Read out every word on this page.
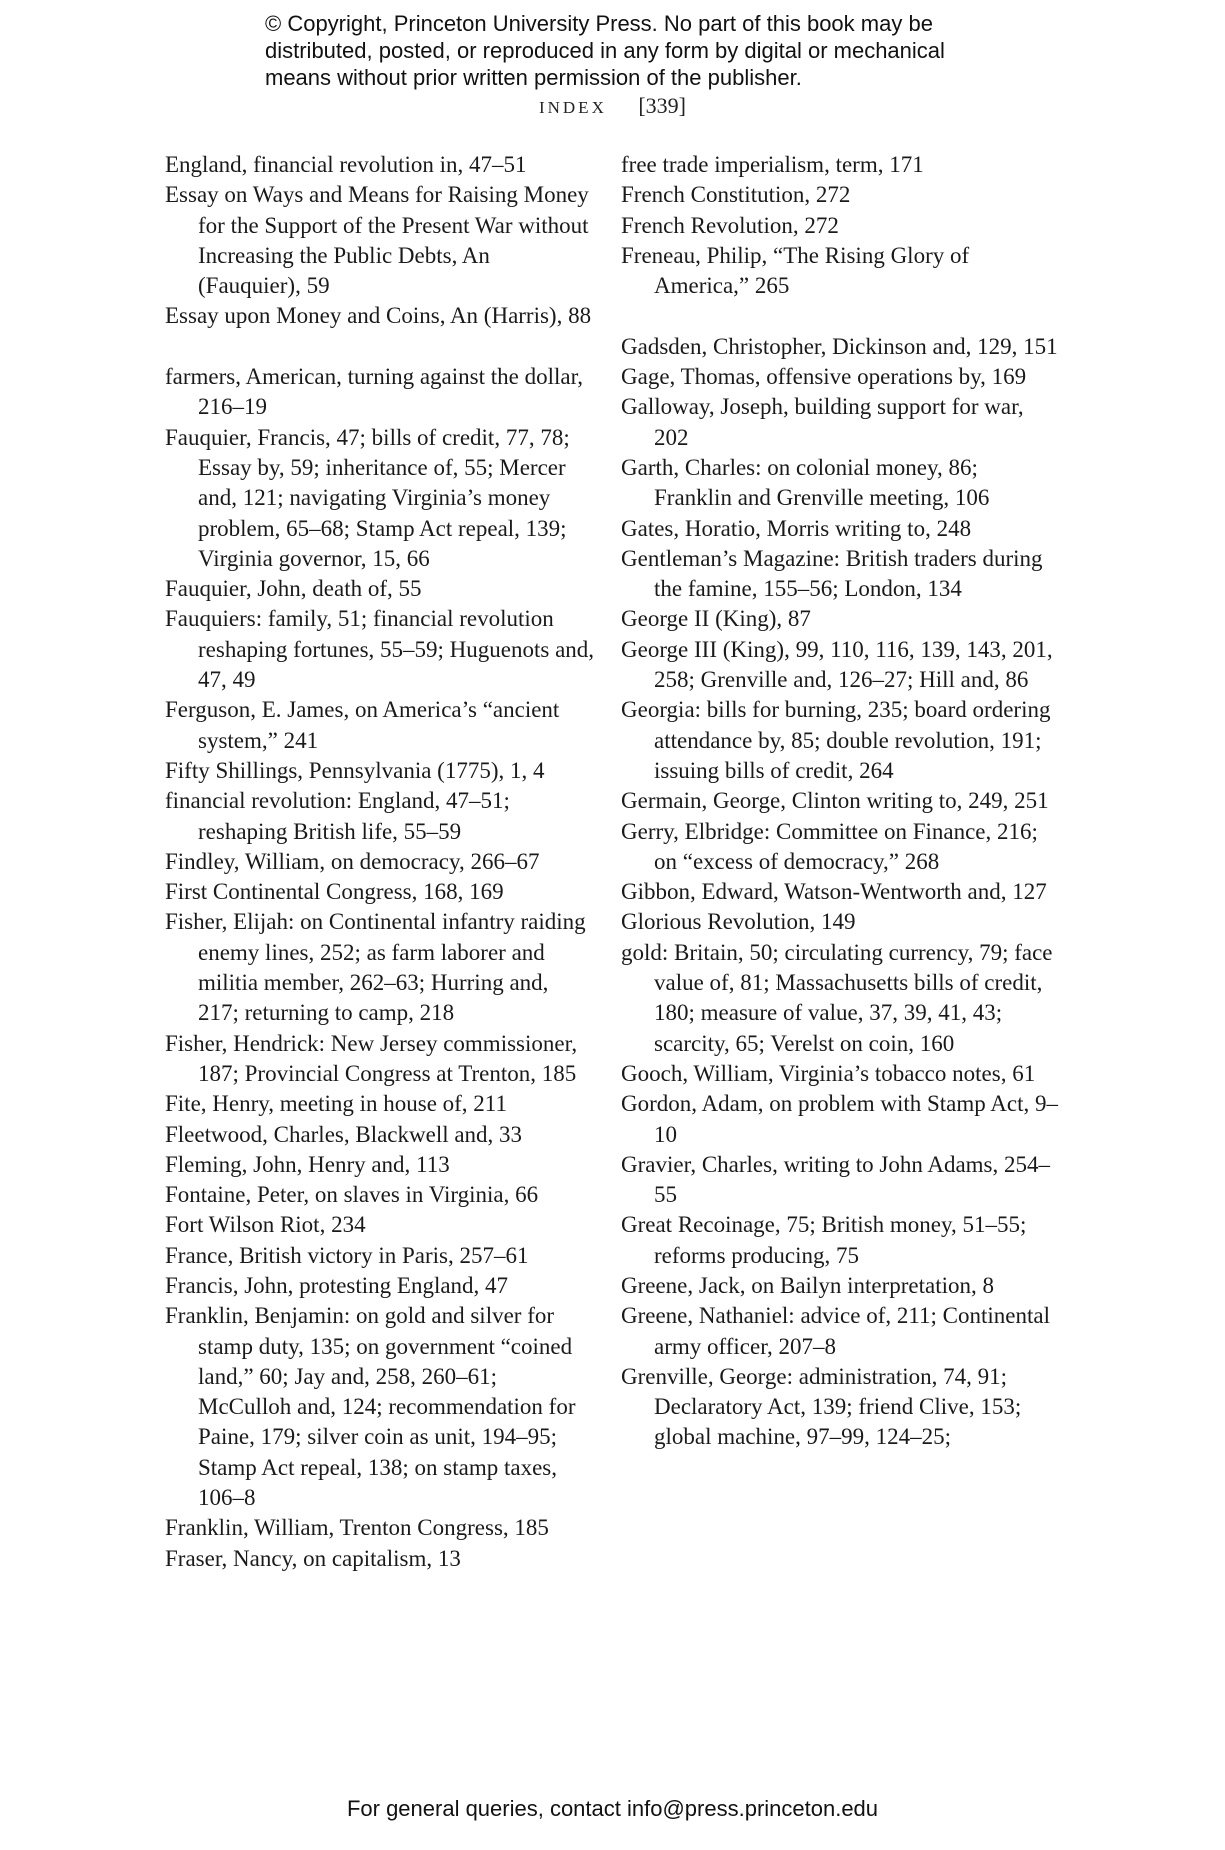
© Copyright, Princeton University Press. No part of this book may be
distributed, posted, or reproduced in any form by digital or mechanical
means without prior written permission of the publisher.
INDEX [339]

England, financial revolution in, 47–51

Essay on Ways and Means for Raising Money for the Support of the Present War without Increasing the Public Debts, An (Fauquier), 59

Essay upon Money and Coins, An (Harris), 88

farmers, American, turning against the dollar, 216–19

Fauquier, Francis, 47; bills of credit, 77, 78; Essay by, 59; inheritance of, 55; Mercer and, 121; navigating Virginia’s money problem, 65–68; Stamp Act repeal, 139; Virginia governor, 15, 66

Fauquier, John, death of, 55

Fauquiers: family, 51; financial revolution reshaping fortunes, 55–59; Huguenots and, 47, 49

Ferguson, E. James, on America’s “ancient system,” 241

Fifty Shillings, Pennsylvania (1775), 1, 4

financial revolution: England, 47–51; reshaping British life, 55–59

Findley, William, on democracy, 266–67

First Continental Congress, 168, 169

Fisher, Elijah: on Continental infantry raiding enemy lines, 252; as farm laborer and militia member, 262–63; Hurring and, 217; returning to camp, 218

Fisher, Hendrick: New Jersey commissioner, 187; Provincial Congress at Trenton, 185

Fite, Henry, meeting in house of, 211

Fleetwood, Charles, Blackwell and, 33

Fleming, John, Henry and, 113

Fontaine, Peter, on slaves in Virginia, 66

Fort Wilson Riot, 234

France, British victory in Paris, 257–61

Francis, John, protesting England, 47

Franklin, Benjamin: on gold and silver for stamp duty, 135; on government “coined land,” 60; Jay and, 258, 260–61; McCulloh and, 124; recommendation for Paine, 179; silver coin as unit, 194–95; Stamp Act repeal, 138; on stamp taxes, 106–8

Franklin, William, Trenton Congress, 185

Fraser, Nancy, on capitalism, 13

free trade imperialism, term, 171

French Constitution, 272

French Revolution, 272

Freneau, Philip, “The Rising Glory of America,” 265

Gadsden, Christopher, Dickinson and, 129, 151

Gage, Thomas, offensive operations by, 169

Galloway, Joseph, building support for war, 202

Garth, Charles: on colonial money, 86; Franklin and Grenville meeting, 106

Gates, Horatio, Morris writing to, 248

Gentleman’s Magazine: British traders during the famine, 155–56; London, 134

George II (King), 87

George III (King), 99, 110, 116, 139, 143, 201, 258; Grenville and, 126–27; Hill and, 86

Georgia: bills for burning, 235; board ordering attendance by, 85; double revolution, 191; issuing bills of credit, 264

Germain, George, Clinton writing to, 249, 251

Gerry, Elbridge: Committee on Finance, 216; on “excess of democracy,” 268

Gibbon, Edward, Watson-Wentworth and, 127

Glorious Revolution, 149

gold: Britain, 50; circulating currency, 79; face value of, 81; Massachusetts bills of credit, 180; measure of value, 37, 39, 41, 43; scarcity, 65; Verelst on coin, 160

Gooch, William, Virginia’s tobacco notes, 61

Gordon, Adam, on problem with Stamp Act, 9–10

Gravier, Charles, writing to John Adams, 254–55

Great Recoinage, 75; British money, 51–55; reforms producing, 75

Greene, Jack, on Bailyn interpretation, 8

Greene, Nathaniel: advice of, 211; Continental army officer, 207–8

Grenville, George: administration, 74, 91; Declaratory Act, 139; friend Clive, 153; global machine, 97–99, 124–25;

For general queries, contact info@press.princeton.edu
